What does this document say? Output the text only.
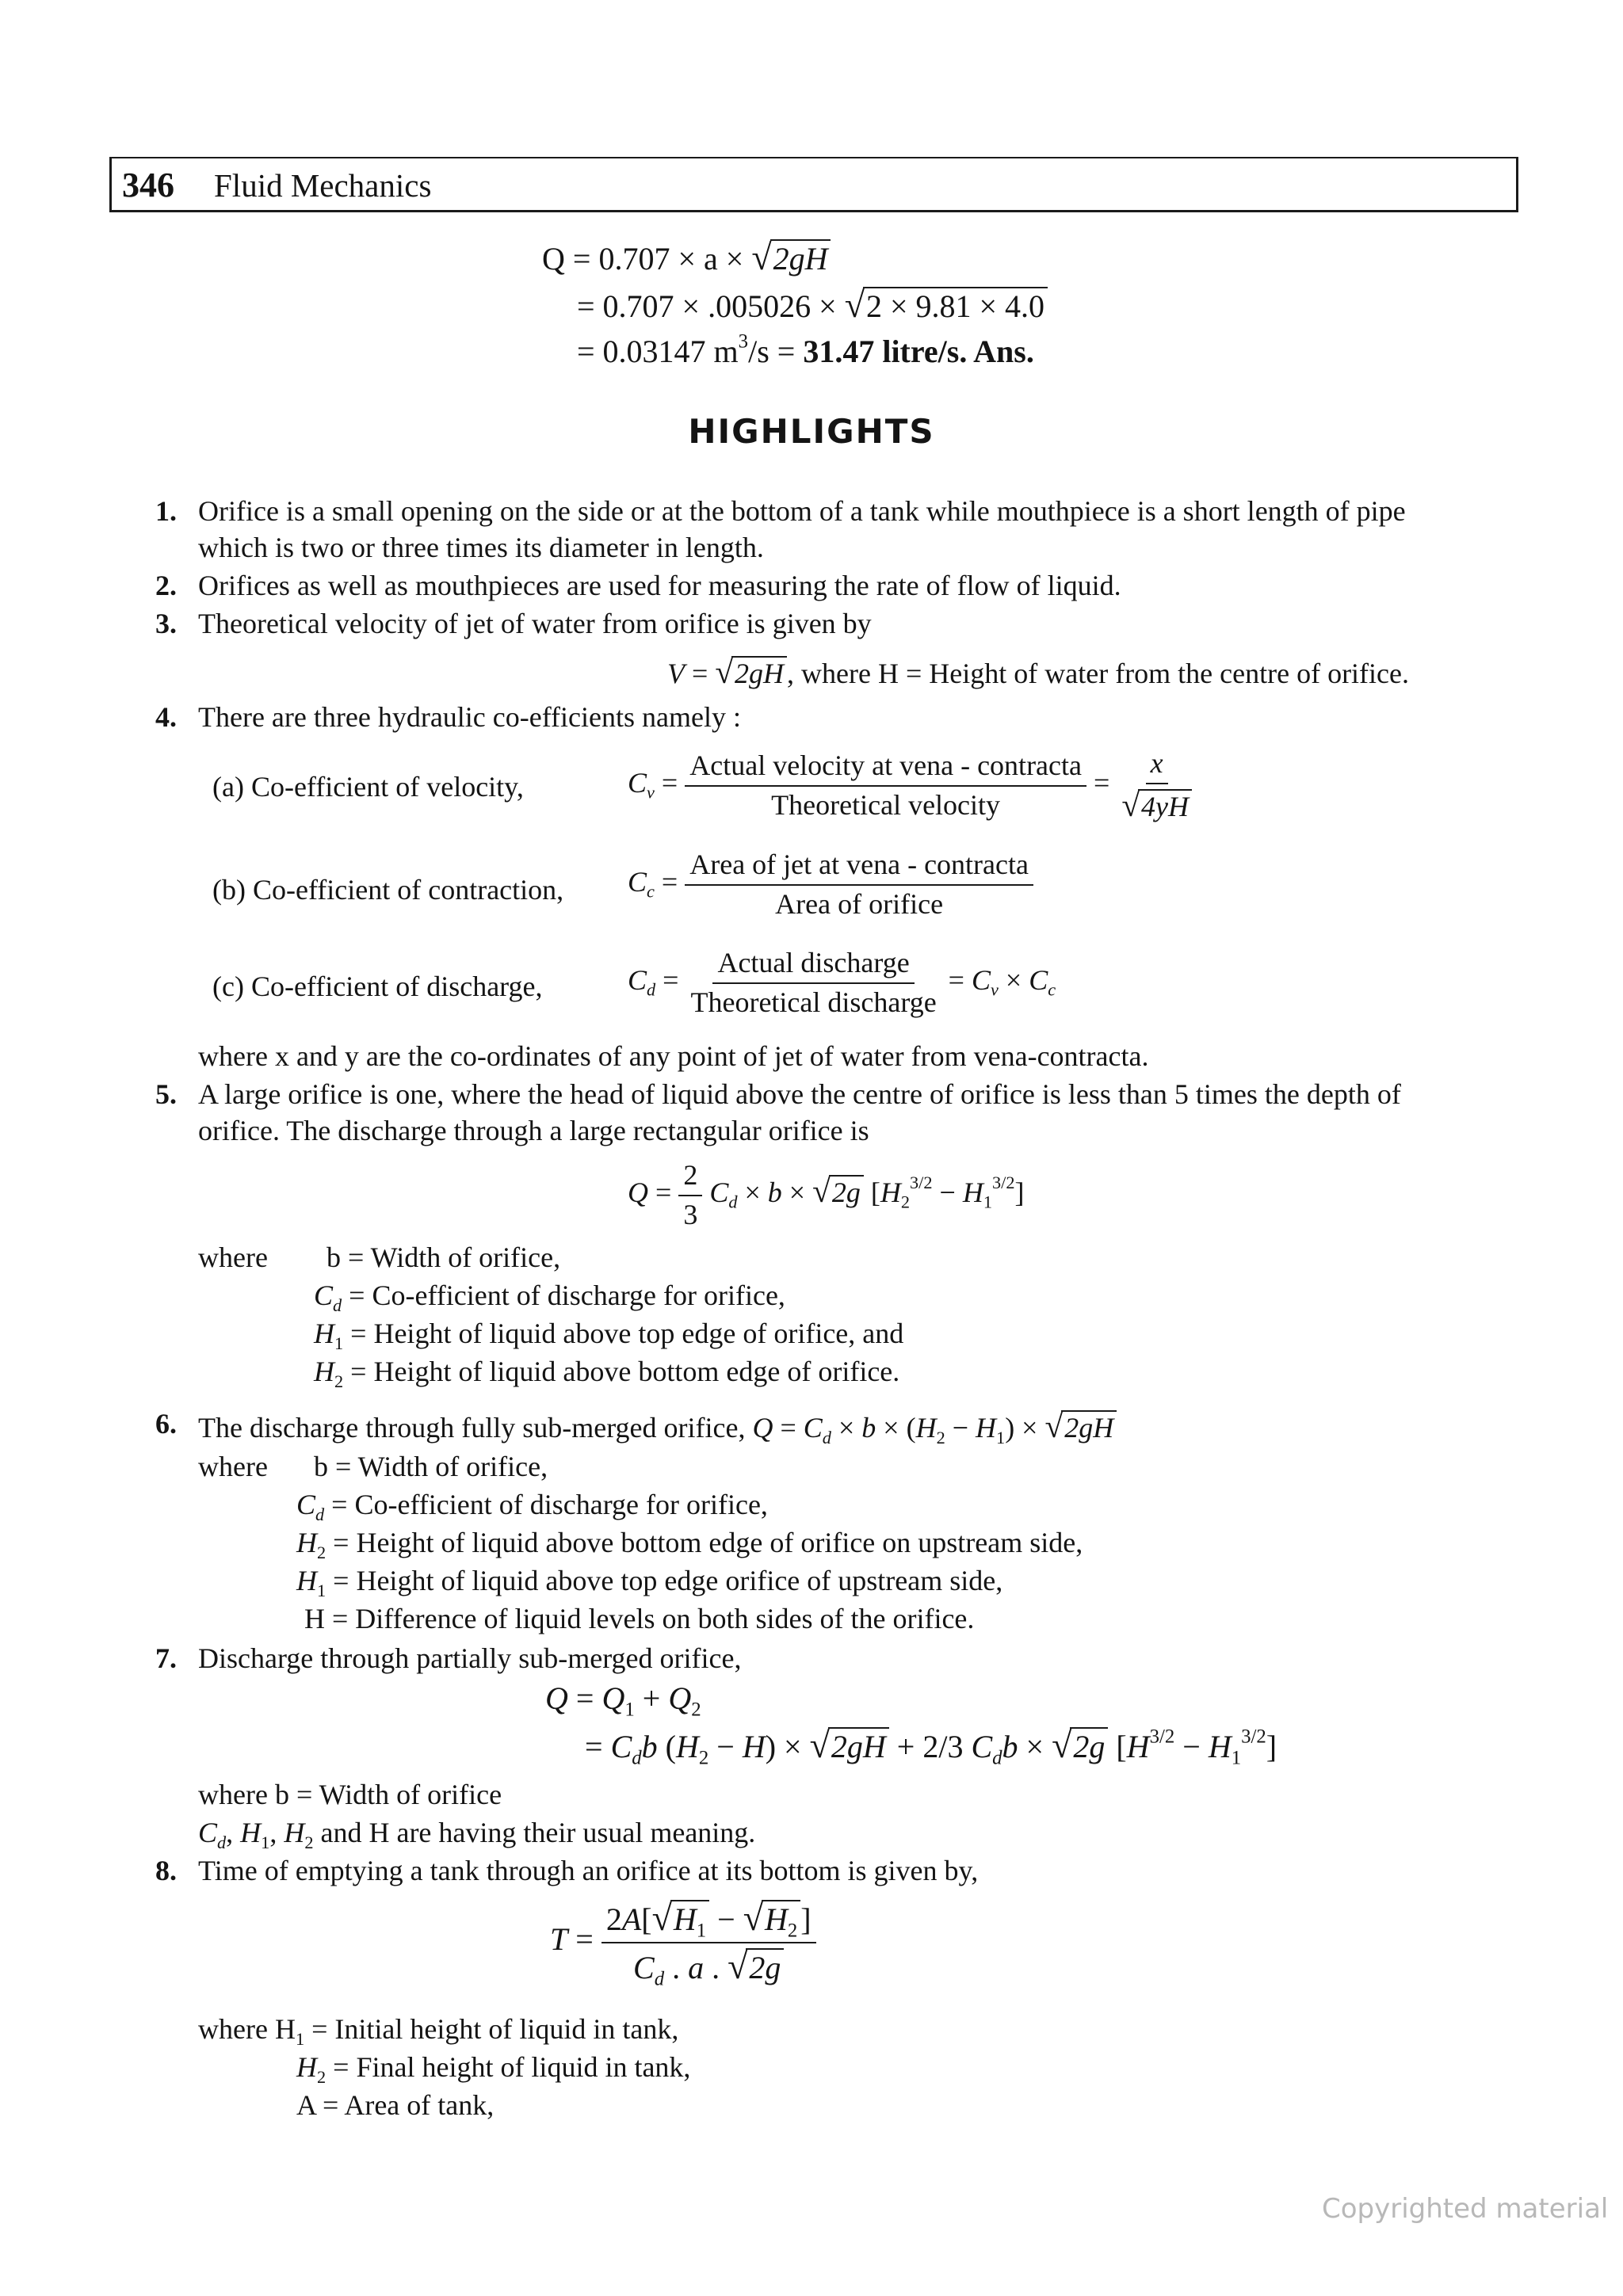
346 Fluid Mechanics
Q = 0.707 × a × √2gH
= 0.707 × .005026 × √2 × 9.81 × 4.0
= 0.03147 $m^3/s = 31.47$ litre/s. Ans.
HIGHLIGHTS
1. Orifice is a small opening on the side or at the bottom of a tank while mouthpiece is a short length of pipe
which is two or three times its diameter in length.
2. Orifices as well as mouthpieces are used for measuring the rate of flow of liquid.
3. Theoretical velocity of jet of water from orifice is given by
V = √2gH , where H = Height of water from the centre of orifice.
4. There are three hydraulic co-efficients namely :
(a) Co-efficient of velocity,	$C_v = \frac{\text{Actual velocity at vena - contracta}}{\text{Theoretical velocity}} = \frac{x}{√4yH}$
(b) Co-efficient of contraction, $C_c = \frac{\text{Area of jet at vena - contracta}}{\text{Area of orifice}}$
(c) Co-efficient of discharge,	$C_d = \frac{\text{Actual discharge}}{\text{Theoretical discharge}} = C_v \times C_c$
where x and y are the co-ordinates of any point of jet of water from vena-contracta.
5. A large orifice is one, where the head of liquid above the centre of orifice is less than 5 times the depth of
orifice. The discharge through a large rectangular orifice is
$Q = \frac{2}{3} C_d \times b \times √2g$ $[H_2^{3/2} - H_1^{3/2}]$
where b = Width of orifice,
$C_d$ = Co-efficient of discharge for orifice,
$H_1$ = Height of liquid above top edge of orifice, and
$H_2$ = Height of liquid above bottom edge of orifice.
6. The discharge through fully sub-merged orifice, $Q = C_d \times b \times (H_2 - H_1) \times √2gH$
where b = Width of orifice,
$C_d$ = Co-efficient of discharge for orifice,
$H_2$ = Height of liquid above bottom edge of orifice on upstream side,
$H_1$ = Height of liquid above top edge orifice of upstream side,
H = Difference of liquid levels on both sides of the orifice.
7. Discharge through partially sub-merged orifice,
$Q = Q_1 + Q_2$
= $C_db$ $(H_2 - H) \times √2gH + 2/3$ $C_db \times √2g$ $[H^{3/2} - H_1^{3/2}]$
where b = Width of orifice
$C_d$, $H_1$, $H_2$ and H are having their usual meaning.
8. Time of emptying a tank through an orifice at its bottom is given by,
$T = \frac{2A[√H_1 - √H_2 ]}{C_d . a . √2g}$
where $H_1$ = Initial height of liquid in tank,
$H_2$ = Final height of liquid in tank,
A = Area of tank,
Copyrighted material
